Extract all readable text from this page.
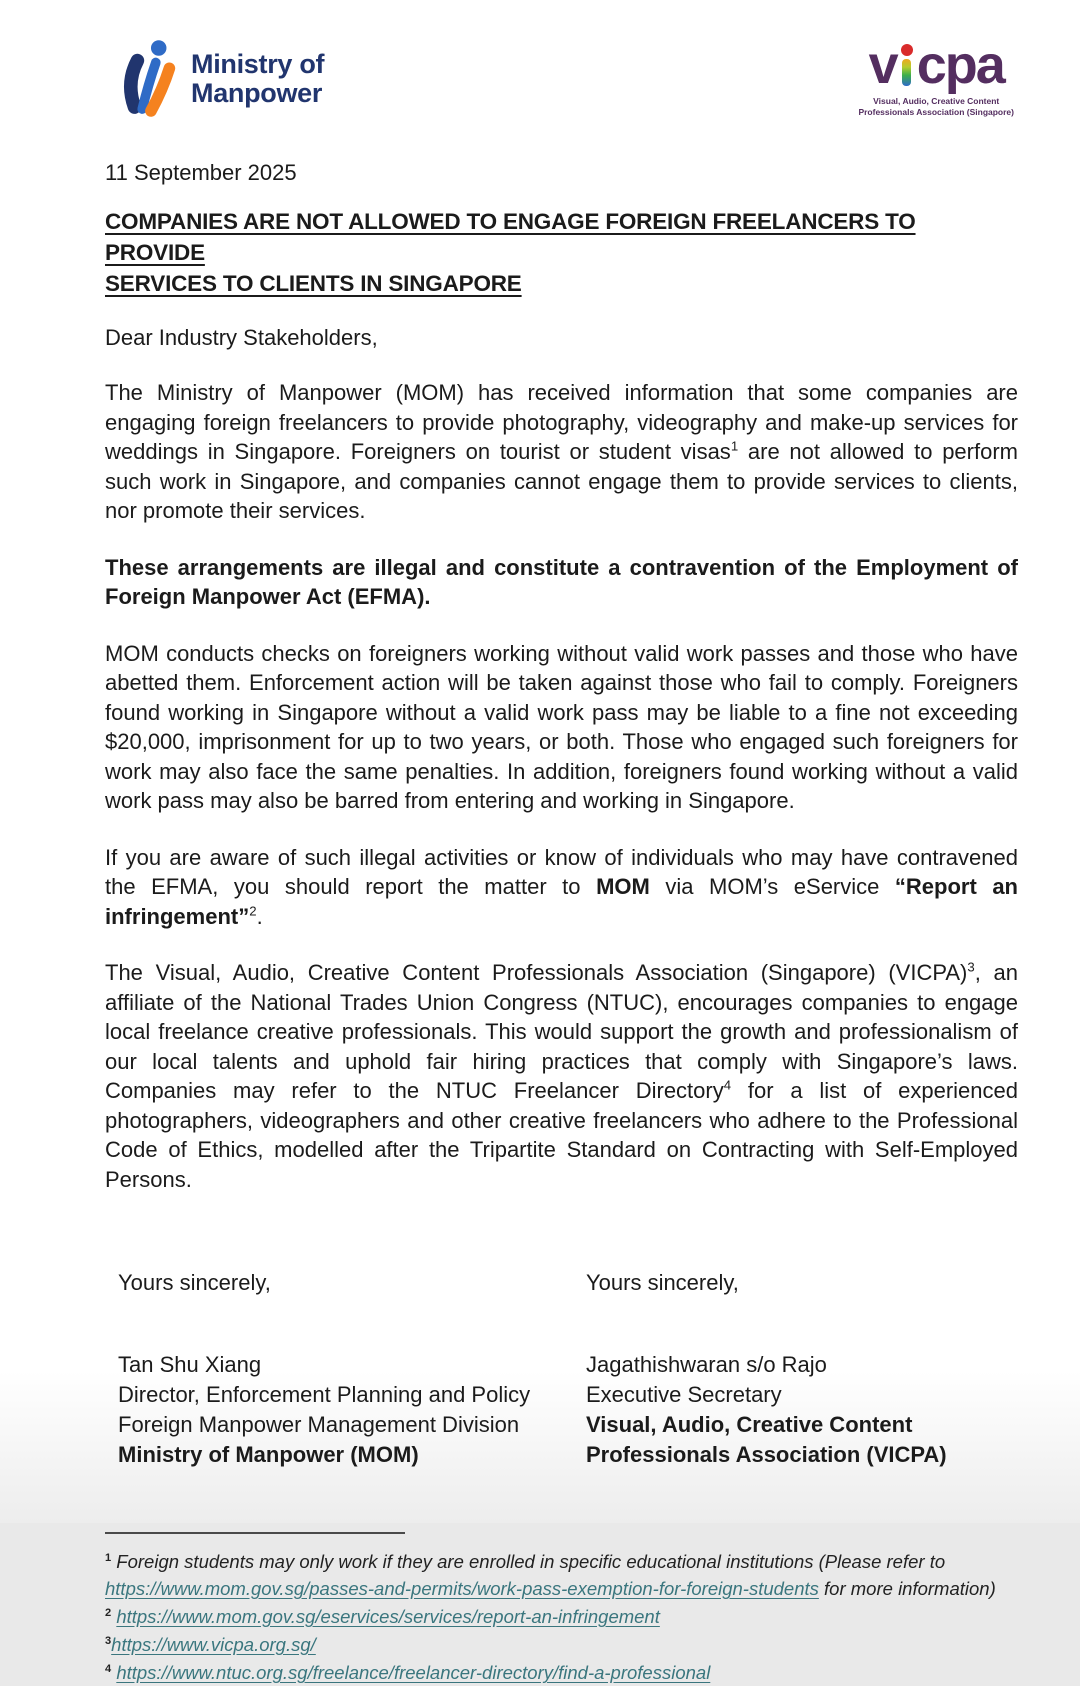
Ministry of
Manpower	v cpa
Visual, Audio, Creative Content
Professionals Association (Singapore)
11 September 2025
COMPANIES ARE NOT ALLOWED TO ENGAGE FOREIGN FREELANCERS TO PROVIDE
SERVICES TO CLIENTS IN SINGAPORE
Dear Industry Stakeholders,

The Ministry of Manpower (MOM) has received information that some companies are engaging foreign freelancers to provide photography, videography and make-up services for weddings in Singapore. Foreigners on tourist or student visas$^1$ are not allowed to perform such work in Singapore, and companies cannot engage them to provide services to clients, nor promote their services.

These arrangements are illegal and constitute a contravention of the Employment of Foreign Manpower Act (EFMA).

MOM conducts checks on foreigners working without valid work passes and those who have abetted them. Enforcement action will be taken against those who fail to comply. Foreigners found working in Singapore without a valid work pass may be liable to a fine not exceeding $20,000, imprisonment for up to two years, or both. Those who engaged such foreigners for work may also face the same penalties. In addition, foreigners found working without a valid work pass may also be barred from entering and working in Singapore.

If you are aware of such illegal activities or know of individuals who may have contravened the EFMA, you should report the matter to MOM via MOM’s eService “Report an infringement”$^2$.

The Visual, Audio, Creative Content Professionals Association (Singapore) (VICPA)$^3$, an affiliate of the National Trades Union Congress (NTUC), encourages companies to engage local freelance creative professionals. This would support the growth and professionalism of our local talents and uphold fair hiring practices that comply with Singapore’s laws. Companies may refer to the NTUC Freelancer Directory$^4$ for a list of experienced photographers, videographers and other creative freelancers who adhere to the Professional Code of Ethics, modelled after the Tripartite Standard on Contracting with Self-Employed Persons.

Yours sincerely,
Tan Shu Xiang
Director, Enforcement Planning and Policy
Foreign Manpower Management Division
Ministry of Manpower (MOM)
Yours sincerely,
Jagathishwaran s/o Rajo
Executive Secretary
Visual, Audio, Creative Content
Professionals Association (VICPA)
$^1$ Foreign students may only work if they are enrolled in specific educational institutions (Please refer to https://www.mom.gov.sg/passes-and-permits/work-pass-exemption-for-foreign-students for more information)
$^2$ https://www.mom.gov.sg/eservices/services/report-an-infringement
$^3$https://www.vicpa.org.sg/
$^4$ https://www.ntuc.org.sg/freelance/freelancer-directory/find-a-professional
